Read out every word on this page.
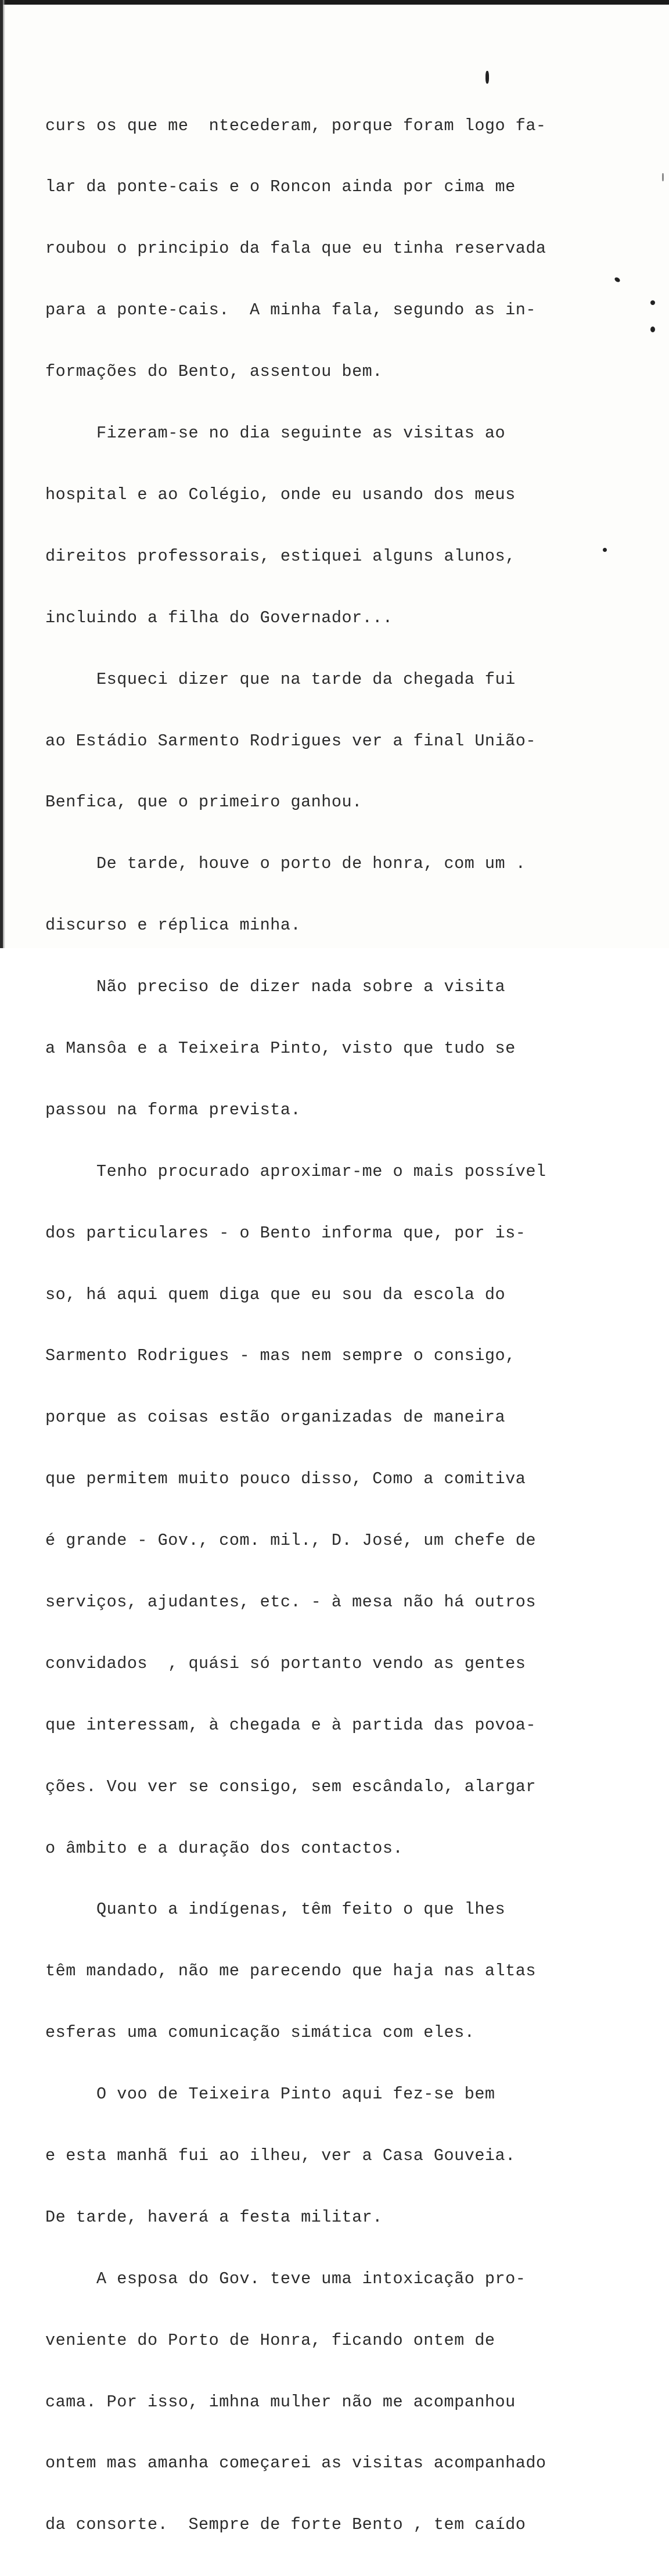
curs os que me  ntecederam, porque foram logo fa-

lar da ponte-cais e o Roncon ainda por cima me

roubou o principio da fala que eu tinha reservada

para a ponte-cais.  A minha fala, segundo as in-

formações do Bento, assentou bem.

Fizeram-se no dia seguinte as visitas ao

hospital e ao Colégio, onde eu usando dos meus

direitos professorais, estiquei alguns alunos,

incluindo a filha do Governador...

Esqueci dizer que na tarde da chegada fui

ao Estádio Sarmento Rodrigues ver a final União-

Benfica, que o primeiro ganhou.

De tarde, houve o porto de honra, com um .

discurso e réplica minha.

Não preciso de dizer nada sobre a visita

a Mansôa e a Teixeira Pinto, visto que tudo se

passou na forma prevista.

Tenho procurado aproximar-me o mais possível

dos particulares - o Bento informa que, por is-

so, há aqui quem diga que eu sou da escola do

Sarmento Rodrigues - mas nem sempre o consigo,

porque as coisas estão organizadas de maneira

que permitem muito pouco disso, Como a comitiva

é grande - Gov., com. mil., D. José, um chefe de

serviços, ajudantes, etc. - à mesa não há outros

convidados  , quási só portanto vendo as gentes

que interessam, à chegada e à partida das povoa-

ções. Vou ver se consigo, sem escândalo, alargar

o âmbito e a duração dos contactos.

Quanto a indígenas, têm feito o que lhes

têm mandado, não me parecendo que haja nas altas

esferas uma comunicação simática com eles.

O voo de Teixeira Pinto aqui fez-se bem

e esta manhã fui ao ilheu, ver a Casa Gouveia.

De tarde, haverá a festa militar.

A esposa do Gov. teve uma intoxicação pro-

veniente do Porto de Honra, ficando ontem de

cama. Por isso, imhna mulher não me acompanhou

ontem mas amanha começarei as visitas acompanhado

da consorte.  Sempre de forte Bento , tem caído
